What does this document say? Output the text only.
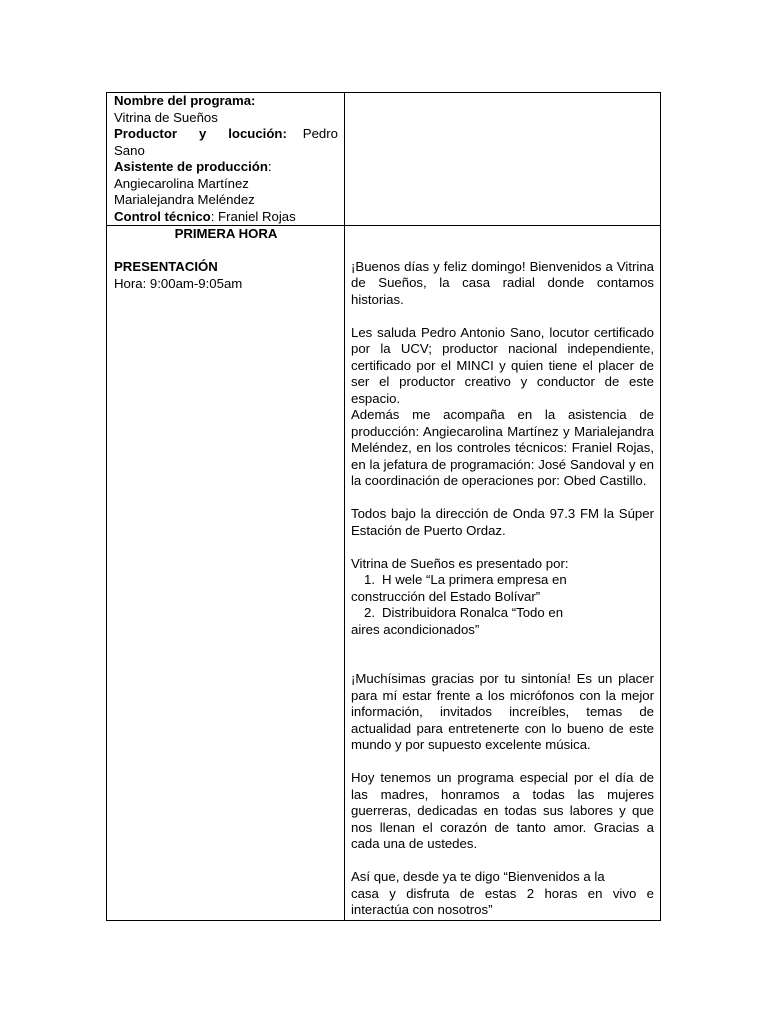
Nombre del programa:
Vitrina de Sueños
Productor y locución: Pedro Sano
Asistente de producción:
Angiecarolina Martínez
Marialejandra Meléndez
Control técnico: Franiel Rojas
PRIMERA HORA
PRESENTACIÓN
Hora: 9:00am-9:05am
¡Buenos días y feliz domingo! Bienvenidos a Vitrina de Sueños, la casa radial donde contamos historias.
Les saluda Pedro Antonio Sano, locutor certificado por la UCV; productor nacional independiente, certificado por el MINCI y quien tiene el placer de ser el productor creativo y conductor de este espacio.
Además me acompaña en la asistencia de producción: Angiecarolina Martínez y Marialejandra Meléndez, en los controles técnicos: Franiel Rojas, en la jefatura de programación: José Sandoval y en la coordinación de operaciones por: Obed Castillo.
Todos bajo la dirección de Onda 97.3 FM la Súper Estación de Puerto Ordaz.
Vitrina de Sueños es presentado por:
1. H wele “La primera empresa en
construcción del Estado Bolívar”
2. Distribuidora Ronalca “Todo en
aires acondicionados”
¡Muchísimas gracias por tu sintonía! Es un placer para mí estar frente a los micrófonos con la mejor información, invitados increíbles, temas de actualidad para entretenerte con lo bueno de este mundo y por supuesto excelente música.
Hoy tenemos un programa especial por el día de las madres, honramos a todas las mujeres guerreras, dedicadas en todas sus labores y que nos llenan el corazón de tanto amor. Gracias a cada una de ustedes.
Así que, desde ya te digo “Bienvenidos a la
casa y disfruta de estas 2 horas en vivo e interactúa con nosotros”
